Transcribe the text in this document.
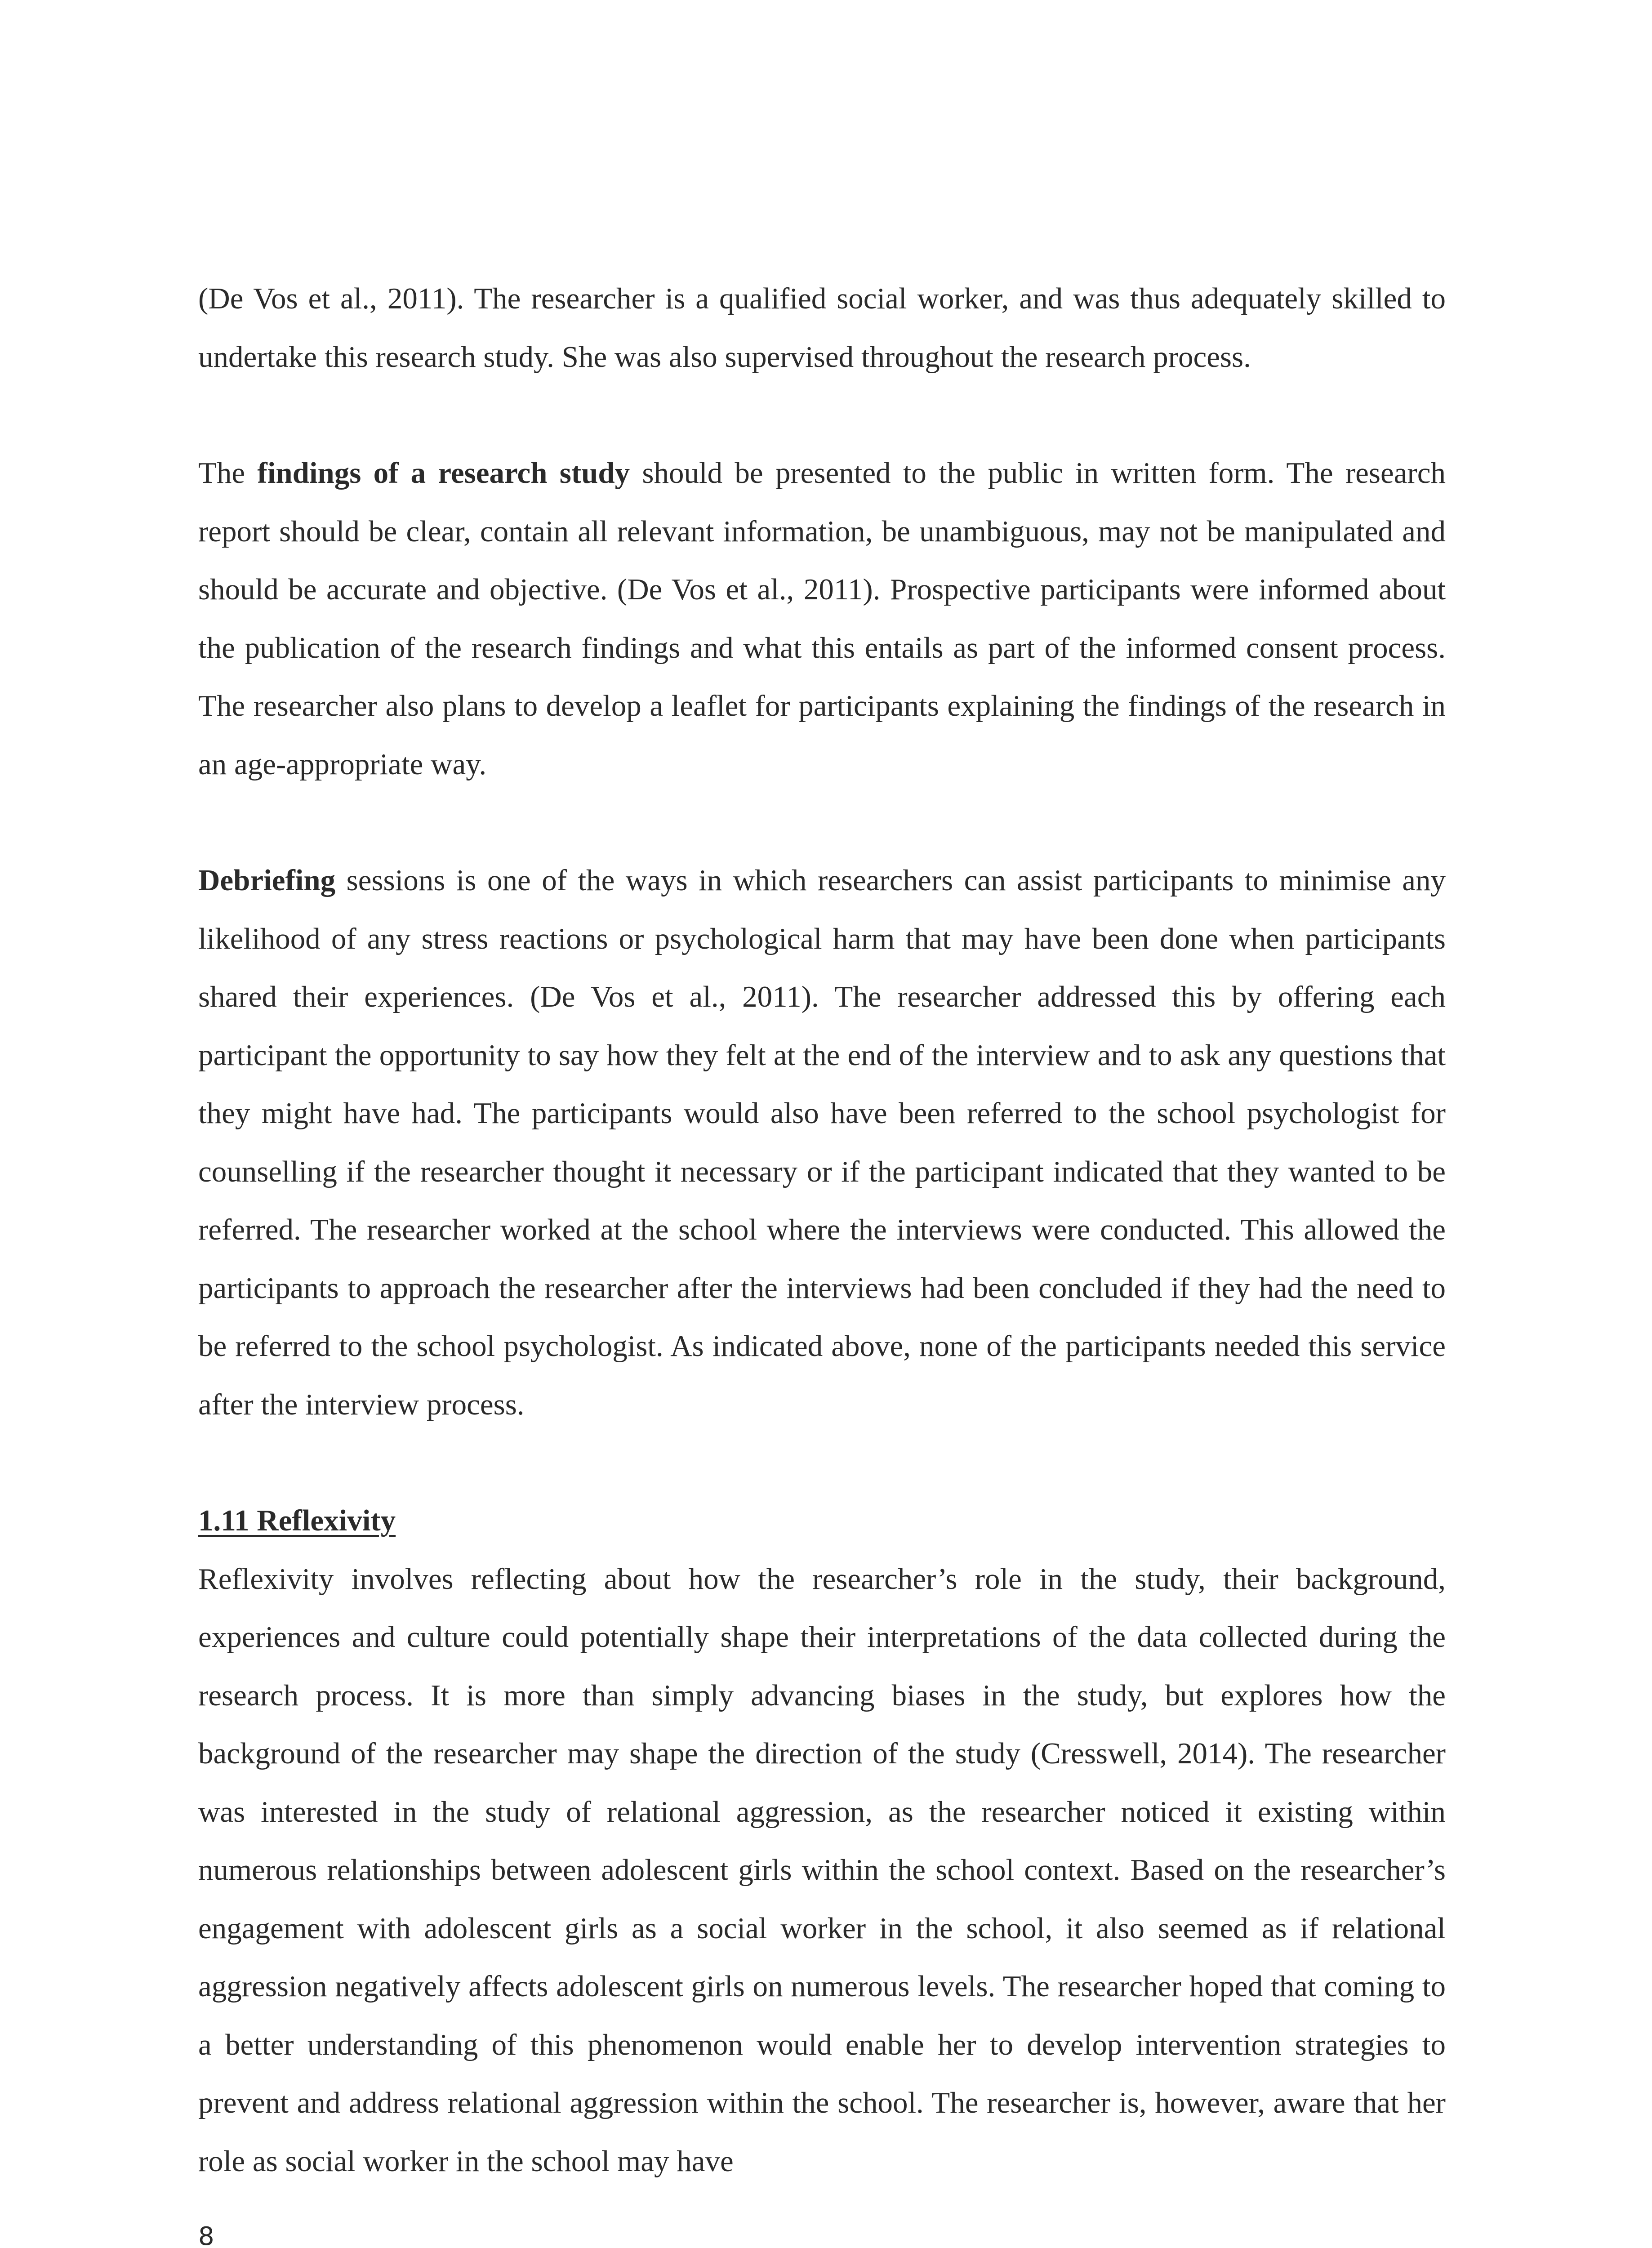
(De Vos et al., 2011). The researcher is a qualified social worker, and was thus adequately skilled to undertake this research study. She was also supervised throughout the research process.

The findings of a research study should be presented to the public in written form. The research report should be clear, contain all relevant information, be unambiguous, may not be manipulated and should be accurate and objective. (De Vos et al., 2011). Prospective participants were informed about the publication of the research findings and what this entails as part of the informed consent process. The researcher also plans to develop a leaflet for participants explaining the findings of the research in an age-appropriate way.

Debriefing sessions is one of the ways in which researchers can assist participants to minimise any likelihood of any stress reactions or psychological harm that may have been done when participants shared their experiences. (De Vos et al., 2011). The researcher addressed this by offering each participant the opportunity to say how they felt at the end of the interview and to ask any questions that they might have had. The participants would also have been referred to the school psychologist for counselling if the researcher thought it necessary or if the participant indicated that they wanted to be referred. The researcher worked at the school where the interviews were conducted. This allowed the participants to approach the researcher after the interviews had been concluded if they had the need to be referred to the school psychologist. As indicated above, none of the participants needed this service after the interview process.

1.11 Reflexivity

Reflexivity involves reflecting about how the researcher’s role in the study, their background, experiences and culture could potentially shape their interpretations of the data collected during the research process. It is more than simply advancing biases in the study, but explores how the background of the researcher may shape the direction of the study (Cresswell, 2014). The researcher was interested in the study of relational aggression, as the researcher noticed it existing within numerous relationships between adolescent girls within the school context. Based on the researcher’s engagement with adolescent girls as a social worker in the school, it also seemed as if relational aggression negatively affects adolescent girls on numerous levels. The researcher hoped that coming to a better understanding of this phenomenon would enable her to develop intervention strategies to prevent and address relational aggression within the school. The researcher is, however, aware that her role as social worker in the school may have

8
